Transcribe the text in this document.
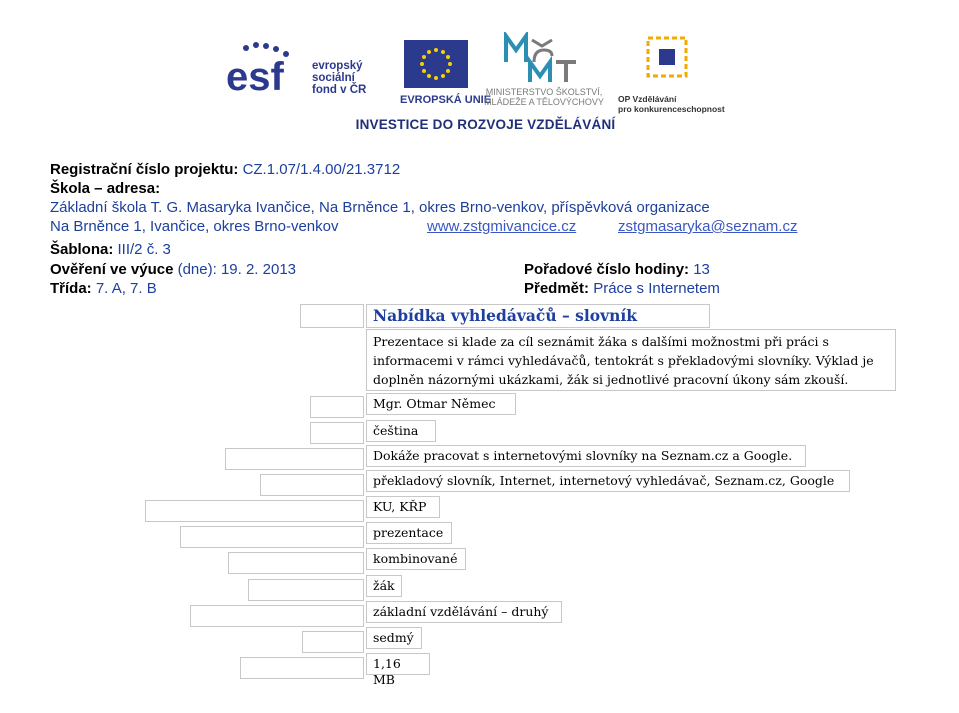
esf evropský
sociální
fond v ČR
EVROPSKÁ UNIE
MINISTERSTVO ŠKOLSTVÍ,
MLÁDEŽE A TĚLOVÝCHOVY	OP Vzdělávání
pro konkurenceschopnost
INVESTICE DO ROZVOJE VZDĚLÁVÁNÍ
Registrační číslo projektu: CZ.1.07/1.4.00/21.3712
Škola – adresa:
Základní škola T. G. Masaryka Ivančice, Na Brněnce 1, okres Brno-venkov, příspěvková organizace
Na Brněnce 1, Ivančice, okres Brno-venkov	www.zstgmivancice.cz	zstgmasaryka@seznam.cz
Šablona: III/2 č. 3
Ověření ve výuce (dne): 19. 2. 2013	Pořadové číslo hodiny: 13
Třída: 7. A, 7. B	Předmět: Práce s Internetem
Nabídka vyhledávačů – slovník
Prezentace si klade za cíl seznámit žáka s dalšími možnostmi při práci s informacemi v rámci vyhledávačů, tentokrát s překladovými slovníky. Výklad je doplněn názornými ukázkami, žák si jednotlivé pracovní úkony sám zkouší.
Mgr. Otmar Němec
čeština
Dokáže pracovat s internetovými slovníky na Seznam.cz a Google.
překladový slovník, Internet, internetový vyhledávač, Seznam.cz, Google
KU, KŘP
prezentace
kombinované
žák
základní vzdělávání – druhý
sedmý
1,16 MB
